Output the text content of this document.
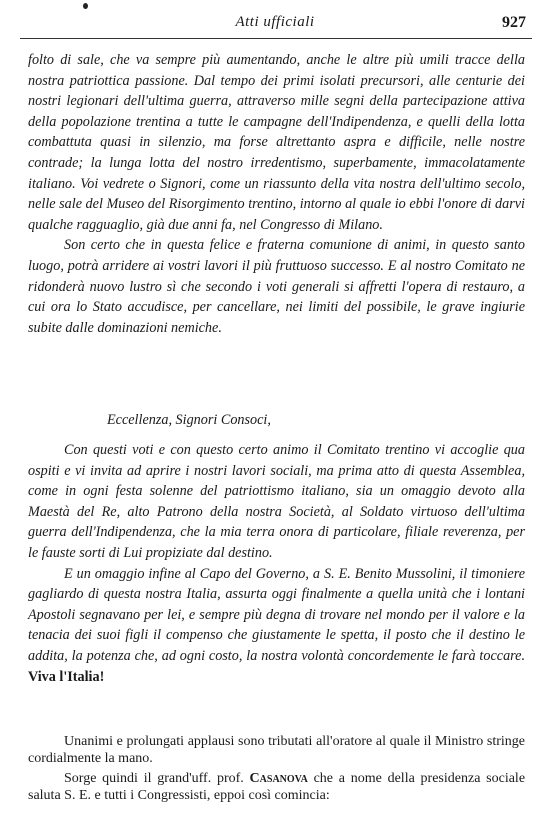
Atti ufficiali	927

folto di sale, che va sempre più aumentando, anche le altre più umili tracce della nostra patriottica passione. Dal tempo dei primi isolati precursori, alle centurie dei nostri legionari dell'ultima guerra, attraverso mille segni della partecipazione attiva della popolazione trentina a tutte le campagne dell'Indipendenza, e quelli della lotta combattuta quasi in silenzio, ma forse altrettanto aspra e difficile, nelle nostre contrade; la lunga lotta del nostro irredentismo, superbamente, immacolatamente italiano. Voi vedrete o Signori, come un riassunto della vita nostra dell'ultimo secolo, nelle sale del Museo del Risorgimento trentino, intorno al quale io ebbi l'onore di darvi qualche ragguaglio, già due anni fa, nel Congresso di Milano.

Son certo che in questa felice e fraterna comunione di animi, in questo santo luogo, potrà arridere ai vostri lavori il più fruttuoso successo. E al nostro Comitato ne ridonderà nuovo lustro sì che secondo i voti generali si affretti l'opera di restauro, a cui ora lo Stato accudisce, per cancellare, nei limiti del possibile, le grave ingiurie subite dalle dominazioni nemiche.

Eccellenza, Signori Consoci,

Con questi voti e con questo certo animo il Comitato trentino vi accoglie qua ospiti e vi invita ad aprire i nostri lavori sociali, ma prima atto di questa Assemblea, come in ogni festa solenne del patriottismo italiano, sia un omaggio devoto alla Maestà del Re, alto Patrono della nostra Società, al Soldato virtuoso dell'ultima guerra dell'Indipendenza, che la mia terra onora di particolare, filiale reverenza, per le fauste sorti di Lui propiziate dal destino.

E un omaggio infine al Capo del Governo, a S. E. Benito Mussolini, il timoniere gagliardo di questa nostra Italia, assurta oggi finalmente a quella unità che i lontani Apostoli segnavano per lei, e sempre più degna di trovare nel mondo per il valore e la tenacia dei suoi figli il compenso che giustamente le spetta, il posto che il destino le addita, la potenza che, ad ogni costo, la nostra volontà concordemente le farà toccare. Viva l'Italia!

Unanimi e prolungati applausi sono tributati all'oratore al quale il Ministro stringe cordialmente la mano.

Sorge quindi il grand'uff. prof. Casanova che a nome della presidenza sociale saluta S. E. e tutti i Congressisti, eppoi così comincia:
